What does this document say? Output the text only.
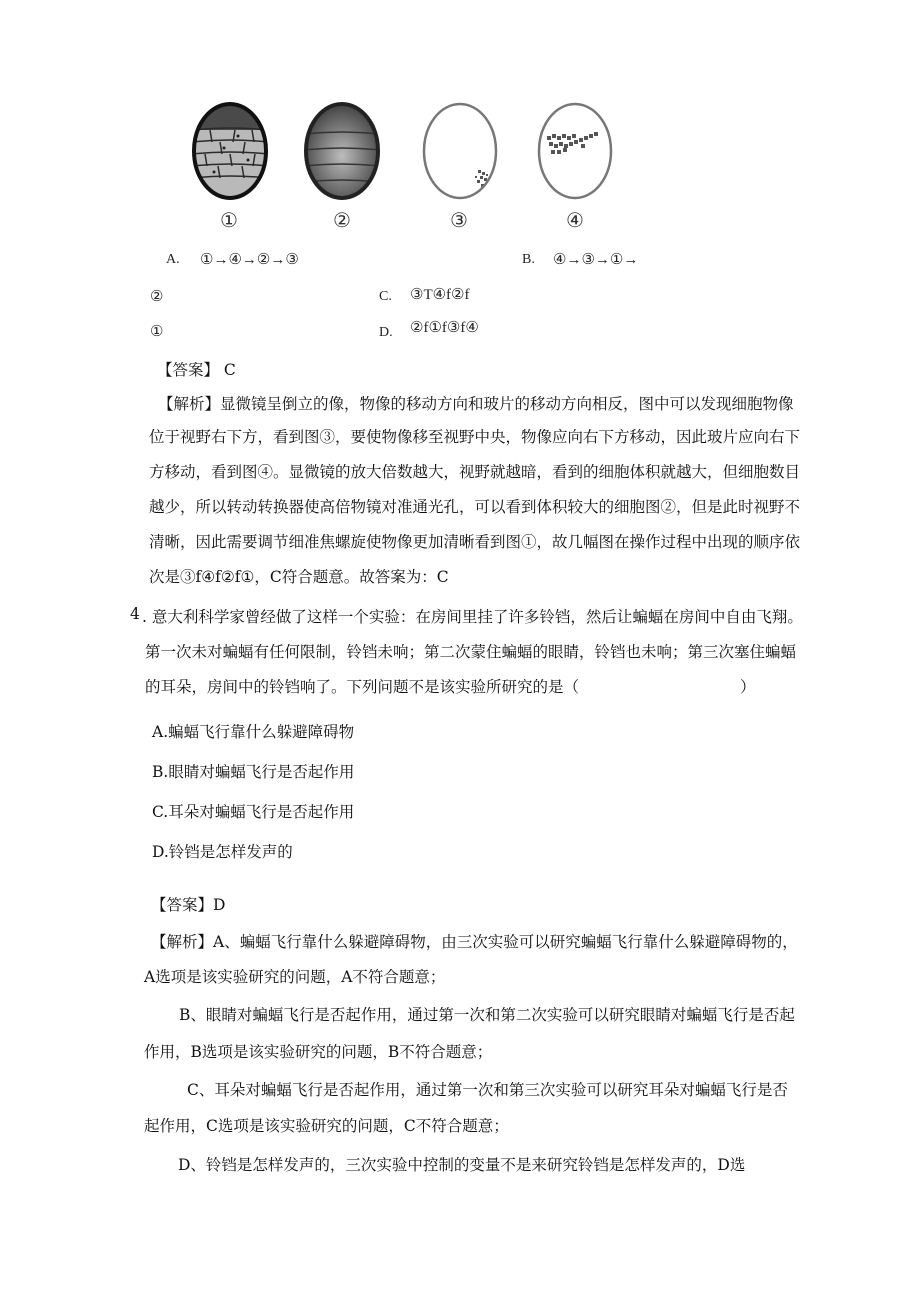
①	②	③	④
A. ①→④→②→③	B. ④→③→①→
②	C. ③T④f②f
①	D. ②f①f③f④
【答案】 C
【解析】显微镜呈倒立的像，物像的移动方向和玻片的移动方向相反，图中可以发现细胞物像
位于视野右下方，看到图③，要使物像移至视野中央，物像应向右下方移动，因此玻片应向右下
方移动，看到图④。显微镜的放大倍数越大，视野就越暗，看到的细胞体积就越大，但细胞数目
越少，所以转动转换器使高倍物镜对准通光孔，可以看到体积较大的细胞图②，但是此时视野不
清晰，因此需要调节细准焦螺旋使物像更加清晰看到图①，故几幅图在操作过程中出现的顺序依
次是③f④f②f①，C符合题意。故答案为：C
4 . 意大利科学家曾经做了这样一个实验：在房间里挂了许多铃铛，然后让蝙蝠在房间中自由飞翔。
第一次未对蝙蝠有任何限制，铃铛未响；第二次蒙住蝙蝠的眼睛，铃铛也未响；第三次塞住蝙蝠
的耳朵，房间中的铃铛响了。下列问题不是该实验所研究的是（	）
A.蝙蝠飞行靠什么躲避障碍物
B.眼睛对蝙蝠飞行是否起作用
C.耳朵对蝙蝠飞行是否起作用
D.铃铛是怎样发声的
【答案】D
【解析】A、蝙蝠飞行靠什么躲避障碍物，由三次实验可以研究蝙蝠飞行靠什么躲避障碍物的，
A选项是该实验研究的问题，A不符合题意；
B、眼睛对蝙蝠飞行是否起作用，通过第一次和第二次实验可以研究眼睛对蝙蝠飞行是否起
作用，B选项是该实验研究的问题，B不符合题意；
C、耳朵对蝙蝠飞行是否起作用，通过第一次和第三次实验可以研究耳朵对蝙蝠飞行是否
起作用，C选项是该实验研究的问题，C不符合题意；
D、铃铛是怎样发声的，三次实验中控制的变量不是来研究铃铛是怎样发声的，D选
